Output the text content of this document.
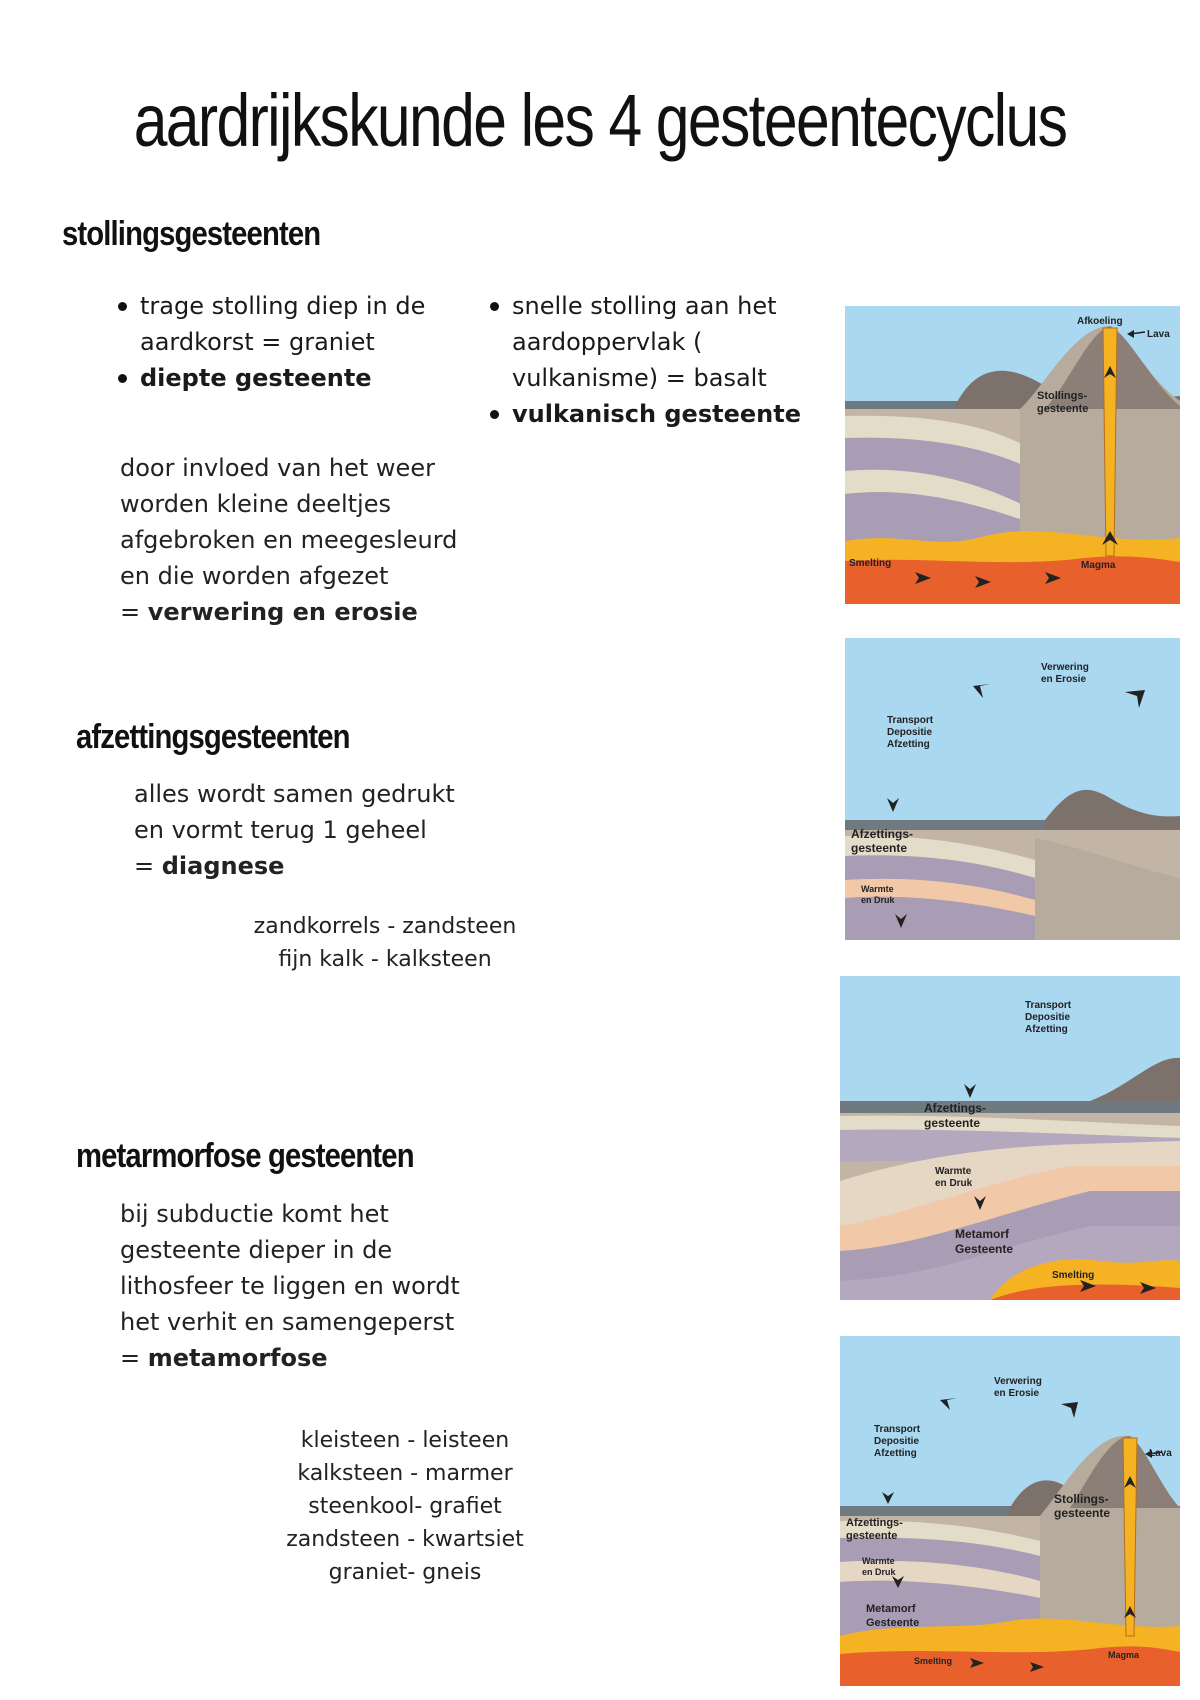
aardrijkskunde les 4 gesteentecyclus
stollingsgesteenten
trage stolling diep in de aardkorst = graniet
diepte gesteente
snelle stolling aan het aardoppervlak ( vulkanisme) = basalt
vulkanisch gesteente
door invloed van het weer
worden kleine deeltjes
afgebroken en meegesleurd
en die worden afgezet
= verwering en erosie
afzettingsgesteenten
alles wordt samen gedrukt
en vormt terug 1 geheel
= diagnese
zandkorrels - zandsteen
fijn kalk - kalksteen
metarmorfose gesteenten
bij subductie komt het
gesteente dieper in de
lithosfeer te liggen en wordt
het verhit en samengeperst
= metamorfose
kleisteen - leisteen
kalksteen - marmer
steenkool- grafiet
zandsteen - kwartsiet
graniet- gneis
Afkoeling
Lava
Stollings-
gesteente
Smelting	Magma
Verwering
en Erosie
Transport
Depositie
Afzetting
Afzettings-
gesteente
Warmte
en Druk
Transport
Depositie
Afzetting
Afzettings-
gesteente
Warmte
en Druk
Metamorf
Gesteente
Smelting
Verwering
en Erosie
Transport
Depositie
Afzetting	Lava
Stollings-
gesteente
Afzettings-
gesteente
Warmte
en Druk
Metamorf
Gesteente
Smelting
Magma
